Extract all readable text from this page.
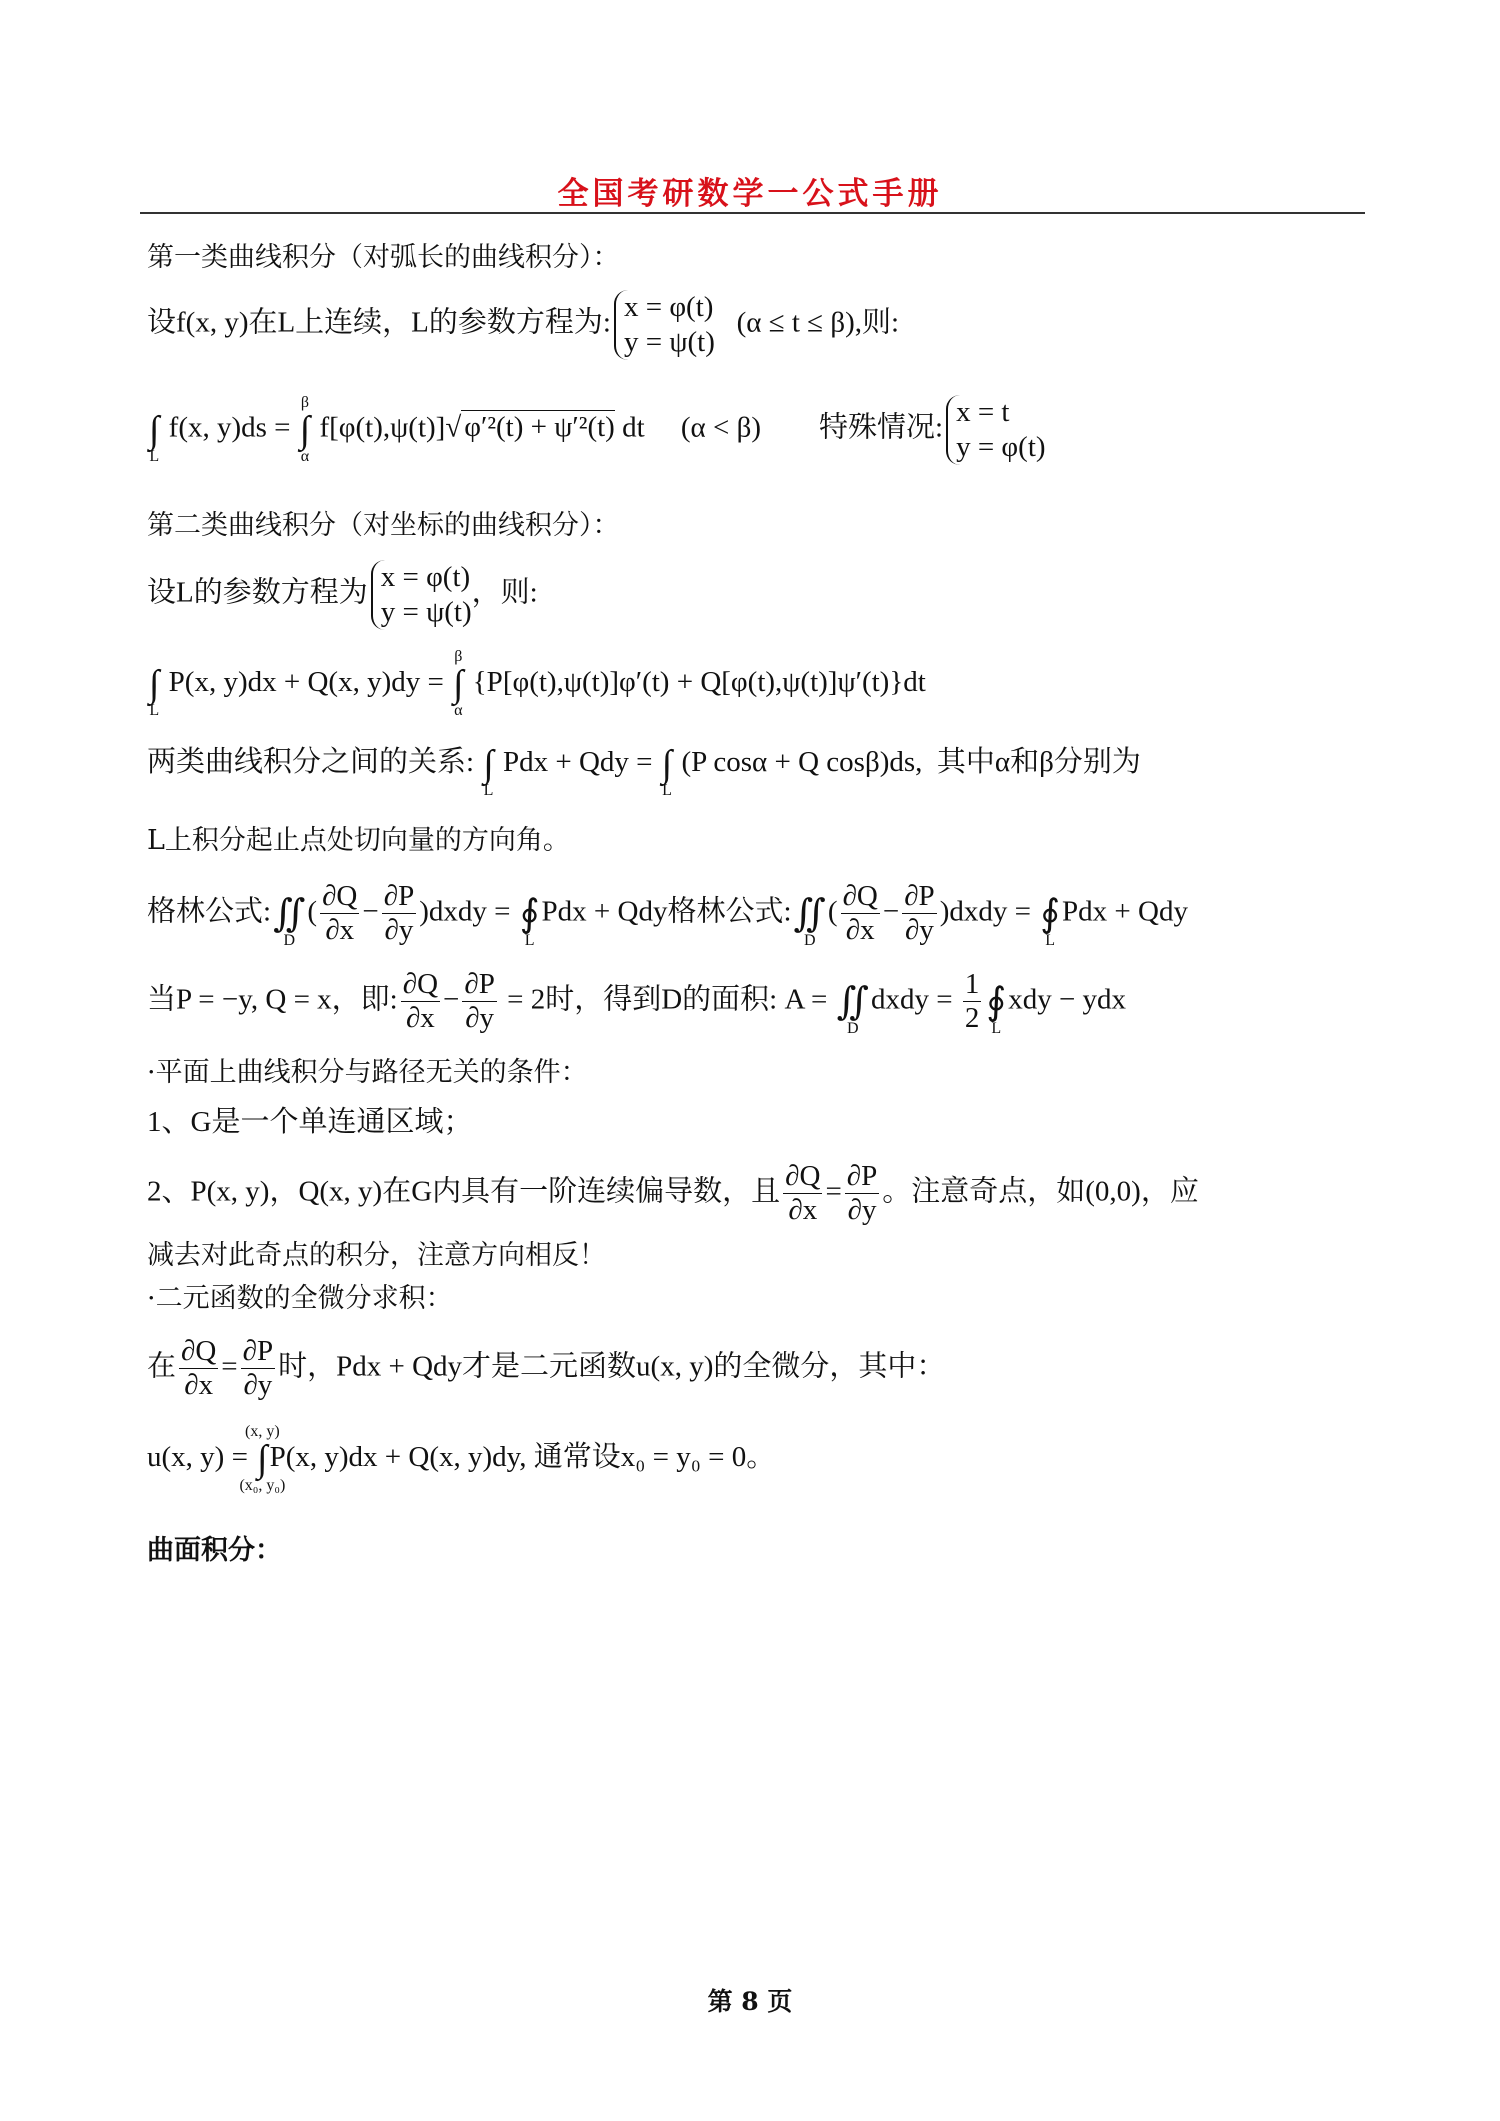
全国考研数学一公式手册
第一类曲线积分（对弧长的曲线积分）：
设f(x, y)在L上连续，L的参数方程为: x = φ(t)
y = ψ(t)
(α ≤ t ≤ β),则:
∫
L
f(x, y)ds = ∫
β
α
f[φ(t),ψ(t)]√ φ′²(t) + ψ′²(t) dt (α < β) 特殊情况: x = t
y = φ(t)
第二类曲线积分（对坐标的曲线积分）：
设L的参数方程为 x = φ(t)
y = ψ(t)
，则:
∫
L
P(x, y)dx + Q(x, y)dy = ∫
β
α
{P[φ(t),ψ(t)]φ′(t) + Q[φ(t),ψ(t)]ψ′(t)}dt
两类曲线积分之间的关系: ∫
L
Pdx + Qdy = ∫
L
(P cosα + Q cosβ)ds, 其中α和β分别为
L上积分起止点处切向量的方向角。
格林公式:∬
D
( $\frac{\partial Q}{\partial x} - \frac{\partial P}{\partial y}$ )dxdy = ∮
L
Pdx + Qdy格林公式:∬
D
( $\frac{\partial Q}{\partial x} - \frac{\partial P}{\partial y}$ )dxdy = ∮
L
Pdx + Qdy
当P = −y, Q = x，即: $\frac{\partial Q}{\partial x} - \frac{\partial P}{\partial y} = 2$时，得到D的面积: A = ∬
D
dxdy = $\frac{1}{2}$ ∮
L
xdy − ydx
·平面上曲线积分与路径无关的条件：
1、G是一个单连通区域；
2、P(x, y)，Q(x, y)在G内具有一阶连续偏导数，且 $\frac{\partial Q}{\partial x} = \frac{\partial P}{\partial y}$ 。注意奇点，如(0,0)，应
减去对此奇点的积分，注意方向相反！
·二元函数的全微分求积：
在 $\frac{\partial Q}{\partial x} = \frac{\partial P}{\partial y}$ 时，Pdx + Qdy才是二元函数u(x, y)的全微分，其中：
u(x, y) = ∫
(x, y)
(x₀, y₀)
P(x, y)dx + Q(x, y)dy, 通常设x₀ = y₀ = 0。
曲面积分：
第 8 页
